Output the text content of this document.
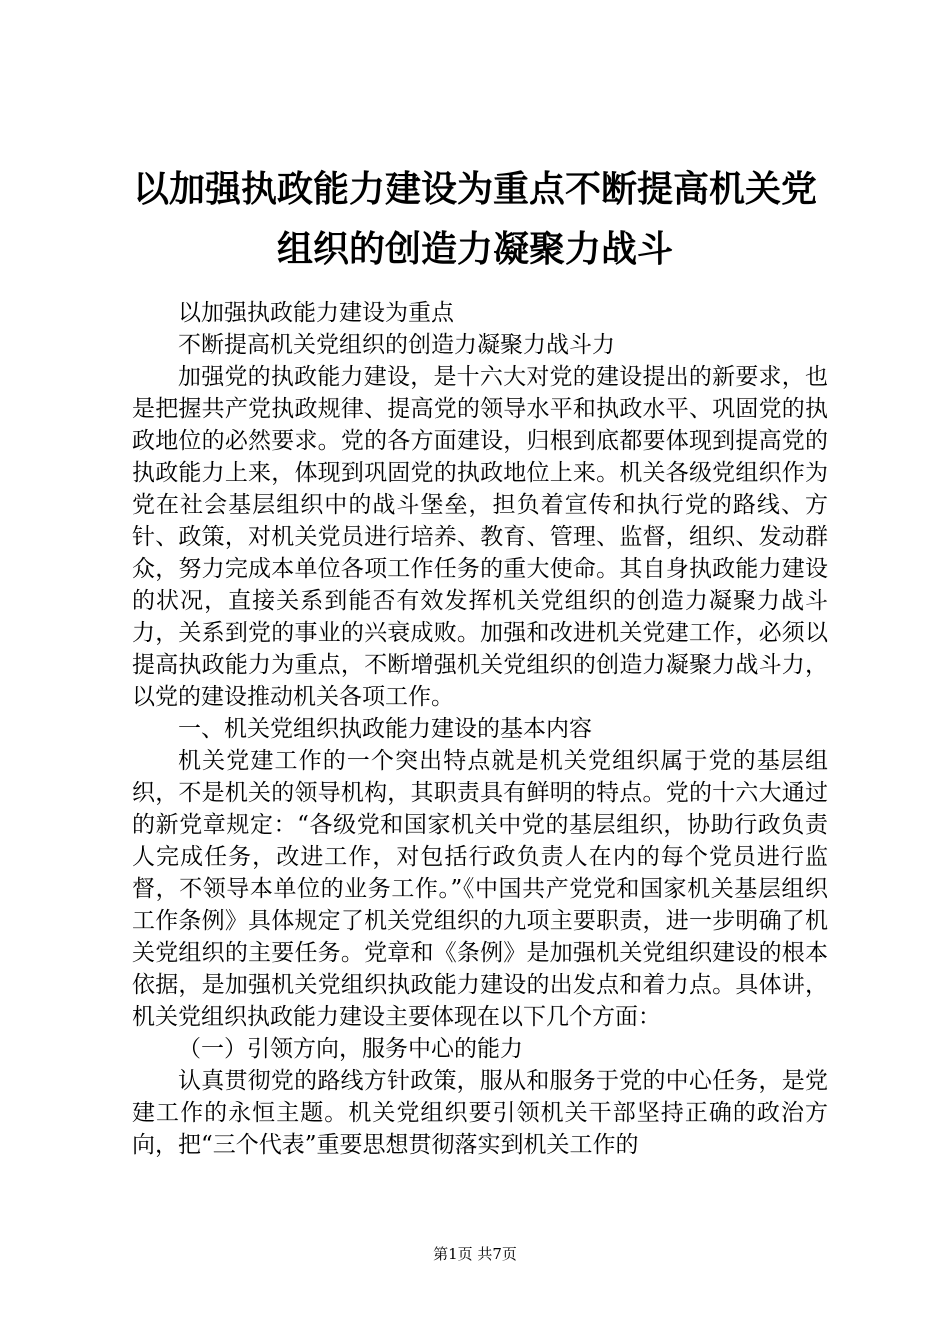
以加强执政能力建设为重点不断提高机关党组织的创造力凝聚力战斗

以加强执政能力建设为重点

不断提高机关党组织的创造力凝聚力战斗力

加强党的执政能力建设，是十六大对党的建设提出的新要求，也是把握共产党执政规律、提高党的领导水平和执政水平、巩固党的执政地位的必然要求。党的各方面建设，归根到底都要体现到提高党的执政能力上来，体现到巩固党的执政地位上来。机关各级党组织作为党在社会基层组织中的战斗堡垒，担负着宣传和执行党的路线、方针、政策，对机关党员进行培养、教育、管理、监督，组织、发动群众，努力完成本单位各项工作任务的重大使命。其自身执政能力建设的状况，直接关系到能否有效发挥机关党组织的创造力凝聚力战斗力，关系到党的事业的兴衰成败。加强和改进机关党建工作，必须以提高执政能力为重点，不断增强机关党组织的创造力凝聚力战斗力，以党的建设推动机关各项工作。

一、机关党组织执政能力建设的基本内容

机关党建工作的一个突出特点就是机关党组织属于党的基层组织，不是机关的领导机构，其职责具有鲜明的特点。党的十六大通过的新党章规定：“各级党和国家机关中党的基层组织，协助行政负责人完成任务，改进工作，对包括行政负责人在内的每个党员进行监督，不领导本单位的业务工作。”《中国共产党党和国家机关基层组织工作条例》具体规定了机关党组织的九项主要职责，进一步明确了机关党组织的主要任务。党章和《条例》是加强机关党组织建设的根本依据，是加强机关党组织执政能力建设的出发点和着力点。具体讲，机关党组织执政能力建设主要体现在以下几个方面：

（一）引领方向，服务中心的能力

认真贯彻党的路线方针政策，服从和服务于党的中心任务，是党建工作的永恒主题。机关党组织要引领机关干部坚持正确的政治方向，把“三个代表”重要思想贯彻落实到机关工作的

第1页 共7页
